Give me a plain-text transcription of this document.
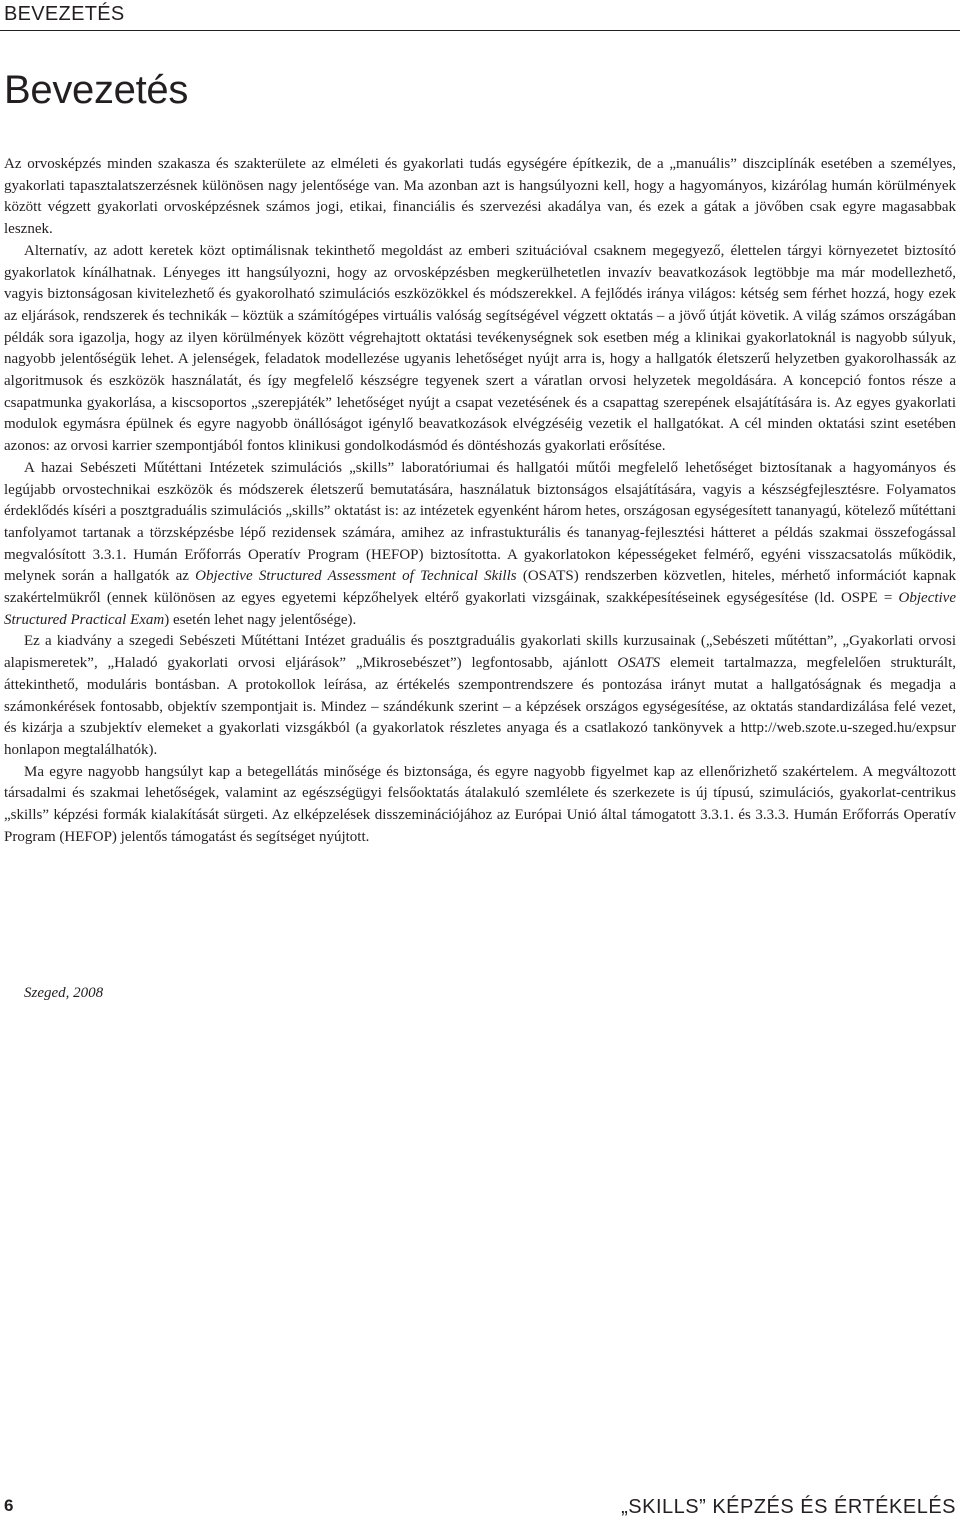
BEVEZETÉS
Bevezetés

Az orvosképzés minden szakasza és szakterülete az elméleti és gyakorlati tudás egységére építkezik, de a „manuális” diszciplínák esetében a személyes, gyakorlati tapasztalatszerzésnek különösen nagy jelentősége van. Ma azonban azt is hangsúlyozni kell, hogy a hagyományos, kizárólag humán körülmények között végzett gyakorlati orvosképzésnek számos jogi, etikai, financiális és szervezési akadálya van, és ezek a gátak a jövőben csak egyre magasabbak lesznek.

Alternatív, az adott keretek közt optimálisnak tekinthető megoldást az emberi szituációval csaknem megegyező, élettelen tárgyi környezetet biztosító gyakorlatok kínálhatnak. Lényeges itt hangsúlyozni, hogy az orvosképzésben megkerülhetetlen invazív beavatkozások legtöbbje ma már modellezhető, vagyis biztonságosan kivitelezhető és gyakorolható szimulációs eszközökkel és módszerekkel. A fejlődés iránya világos: kétség sem férhet hozzá, hogy ezek az eljárások, rendszerek és technikák – köztük a számítógépes virtuális valóság segítségével végzett oktatás – a jövő útját követik. A világ számos országában példák sora igazolja, hogy az ilyen körülmények között végrehajtott oktatási tevékenységnek sok esetben még a klinikai gyakorlatoknál is nagyobb súlyuk, nagyobb jelentőségük lehet. A jelenségek, feladatok modellezése ugyanis lehetőséget nyújt arra is, hogy a hallgatók életszerű helyzetben gyakorolhassák az algoritmusok és eszközök használatát, és így megfelelő készségre tegyenek szert a váratlan orvosi helyzetek megoldására. A koncepció fontos része a csapatmunka gyakorlása, a kiscsoportos „szerepjáték” lehetőséget nyújt a csapat vezetésének és a csapattag szerepének elsajátítására is. Az egyes gyakorlati modulok egymásra épülnek és egyre nagyobb önállóságot igénylő beavatkozások elvégzéséig vezetik el hallgatókat. A cél minden oktatási szint esetében azonos: az orvosi karrier szempontjából fontos klinikusi gondolkodásmód és döntéshozás gyakorlati erősítése.

A hazai Sebészeti Műtéttani Intézetek szimulációs „skills” laboratóriumai és hallgatói műtői megfelelő lehetőséget biztosítanak a hagyományos és legújabb orvostechnikai eszközök és módszerek életszerű bemutatására, használatuk biztonságos elsajátítására, vagyis a készségfejlesztésre. Folyamatos érdeklődés kíséri a posztgraduális szimulációs „skills” oktatást is: az intézetek egyenként három hetes, országosan egységesített tananyagú, kötelező műtéttani tanfolyamot tartanak a törzsképzésbe lépő rezidensek számára, amihez az infrastukturális és tananyag-fejlesztési hátteret a példás szakmai összefogással megvalósított 3.3.1. Humán Erőforrás Operatív Program (HEFOP) biztosította. A gyakorlatokon képességeket felmérő, egyéni visszacsatolás működik, melynek során a hallgatók az Objective Structured Assessment of Technical Skills (OSATS) rendszerben közvetlen, hiteles, mérhető információt kapnak szakértelmükről (ennek különösen az egyes egyetemi képzőhelyek eltérő gyakorlati vizsgáinak, szakképesítéseinek egységesítése (ld. OSPE = Objective Structured Practical Exam) esetén lehet nagy jelentősége).

Ez a kiadvány a szegedi Sebészeti Műtéttani Intézet graduális és posztgraduális gyakorlati skills kurzusainak („Sebészeti műtéttan”, „Gyakorlati orvosi alapismeretek”, „Haladó gyakorlati orvosi eljárások” „Mikrosebészet”) legfontosabb, ajánlott OSATS elemeit tartalmazza, megfelelően strukturált, áttekinthető, moduláris bontásban. A protokollok leírása, az értékelés szempontrendszere és pontozása irányt mutat a hallgatóságnak és megadja a számonkérések fontosabb, objektív szempontjait is. Mindez – szándékunk szerint – a képzések országos egységesítése, az oktatás standardizálása felé vezet, és kizárja a szubjektív elemeket a gyakorlati vizsgákból (a gyakorlatok részletes anyaga és a csatlakozó tankönyvek a http://web.szote.u-szeged.hu/expsur honlapon megtalálhatók).

Ma egyre nagyobb hangsúlyt kap a betegellátás minősége és biztonsága, és egyre nagyobb figyelmet kap az ellenőrizhető szakértelem. A megváltozott társadalmi és szakmai lehetőségek, valamint az egészségügyi felsőoktatás átalakuló szemlélete és szerkezete is új típusú, szimulációs, gyakorlat-centrikus „skills” képzési formák kialakítását sürgeti. Az elképzelések disszeminációjához az Európai Unió által támogatott 3.3.1. és 3.3.3. Humán Erőforrás Operatív Program (HEFOP) jelentős támogatást és segítséget nyújtott.

Szeged, 2008

6	„SKILLS” KÉPZÉS ÉS ÉRTÉKELÉS
